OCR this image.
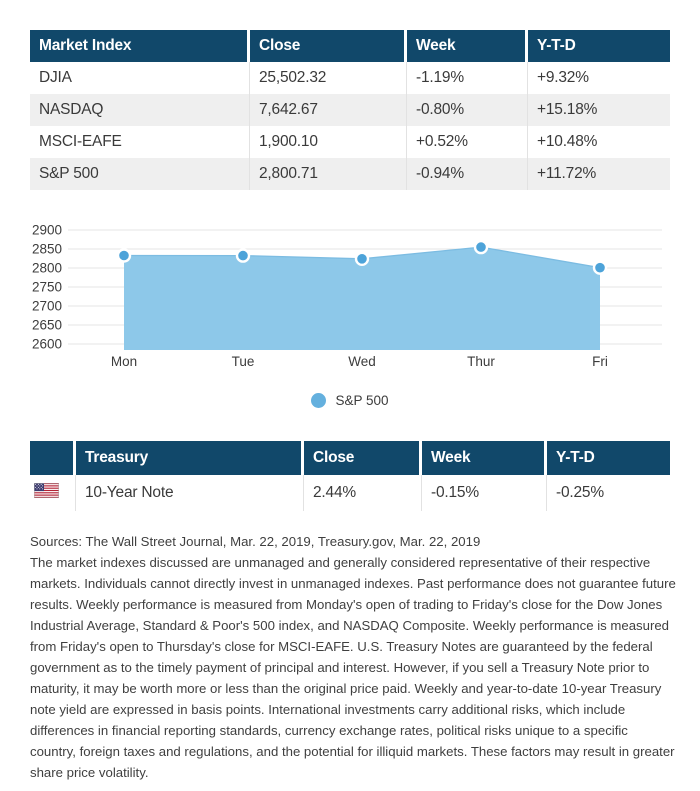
Market Index	Close	Week	Y-T-D
DJIA	25,502.32	-1.19%	+9.32%
NASDAQ	7,642.67	-0.80%	+15.18%
MSCI-EAFE	1,900.10	+0.52%	+10.48%
S&P 500	2,800.71	-0.94%	+11.72%
2900
2850
2800
2750
2700
2650
2600
Mon	Tue	Wed	Thur	Fri
S&P 500
	Treasury	Close	Week	Y-T-D
	10-Year Note	2.44%	-0.15%	-0.25%
Sources: The Wall Street Journal, Mar. 22, 2019, Treasury.gov, Mar. 22, 2019
The market indexes discussed are unmanaged and generally considered representative of their respective markets. Individuals cannot directly invest in unmanaged indexes. Past performance does not guarantee future results. Weekly performance is measured from Monday's open of trading to Friday's close for the Dow Jones Industrial Average, Standard & Poor's 500 index, and NASDAQ Composite. Weekly performance is measured from Friday's open to Thursday's close for MSCI-EAFE. U.S. Treasury Notes are guaranteed by the federal government as to the timely payment of principal and interest. However, if you sell a Treasury Note prior to maturity, it may be worth more or less than the original price paid. Weekly and year-to-date 10-year Treasury note yield are expressed in basis points. International investments carry additional risks, which include differences in financial reporting standards, currency exchange rates, political risks unique to a specific country, foreign taxes and regulations, and the potential for illiquid markets. These factors may result in greater share price volatility.
